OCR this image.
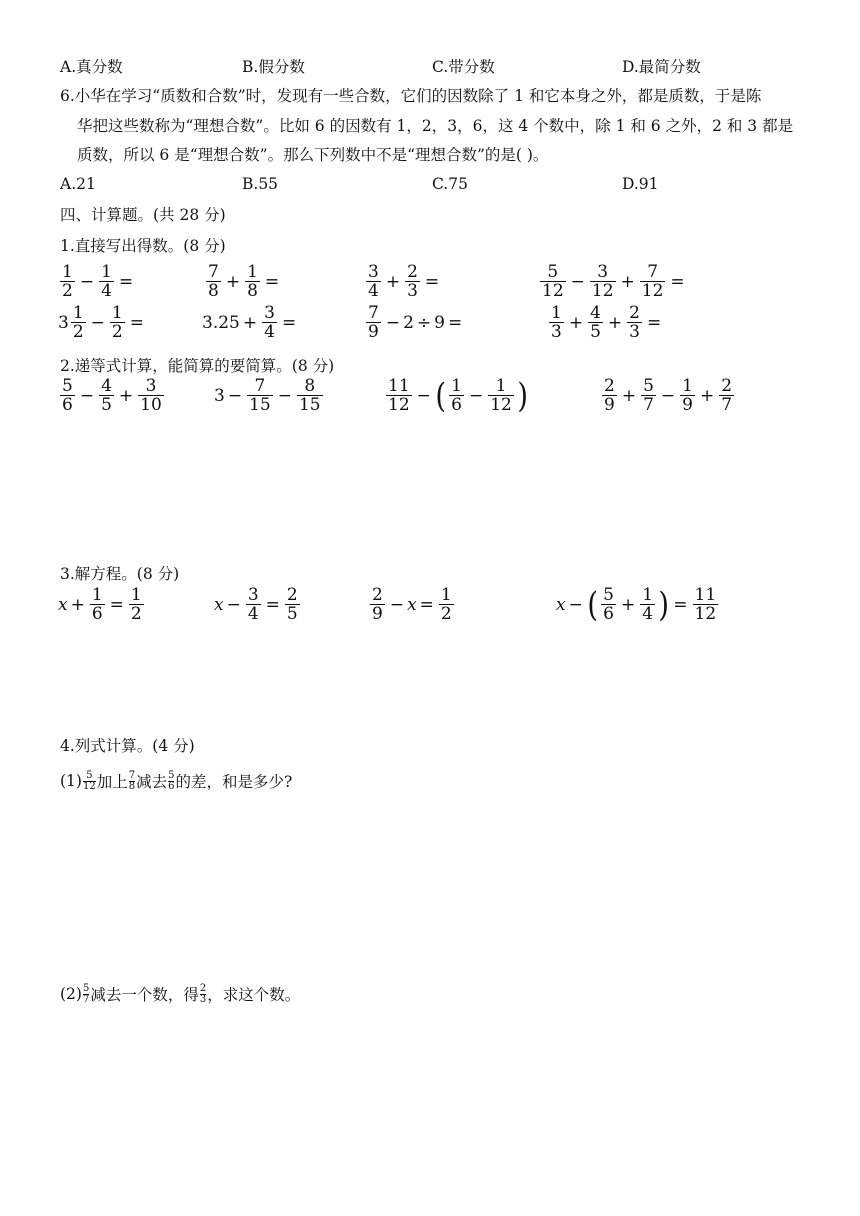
A.真分数	B.假分数	C.带分数	D.最简分数
6.小华在学习“质数和合数”时，发现有一些合数，它们的因数除了 1 和它本身之外，都是质数，于是陈
华把这些数称为“理想合数”。比如 6 的因数有 1，2，3，6，这 4 个数中，除 1 和 6 之外，2 和 3 都是
质数，所以 6 是“理想合数”。那么下列数中不是“理想合数”的是( )。
A.21	B.55	C.75	D.91
四、计算题。(共 28 分)
1.直接写出得数。(8 分)
$\frac{1}{2} - \frac{1}{4}$ =	$\frac{7}{8} + \frac{1}{8}$ =	$\frac{3}{4} + \frac{2}{3}$ =	$\frac{5}{12} - \frac{3}{12} + \frac{7}{12}$ =
$3 \frac{1}{2} - \frac{1}{2}$ =	$3.25 + \frac{3}{4}$ =	$\frac{7}{9} - 2 \div 9$ =	$\frac{1}{3} + \frac{4}{5} + \frac{2}{3}$ =
2.递等式计算，能简算的要简算。(8 分)
$\frac{5}{6} - \frac{4}{5} + \frac{3}{10}$	$3 - \frac{7}{15} - \frac{8}{15}$	$\frac{11}{12}$ − ( $\frac{1}{6} - \frac{1}{12}$ )	$\frac{2}{9} + \frac{5}{7} - \frac{1}{9} + \frac{2}{7}$
3.解方程。(8 分)
$x + \frac{1}{6} = \frac{1}{2}$	$x - \frac{3}{4} = \frac{2}{5}$	$\frac{2}{9} - x = \frac{1}{2}$	x − ( $\frac{5}{6} + \frac{1}{4}$ ) = $\frac{11}{12}$
4.列式计算。(4 分)
(1) 5
12 加上 7
8 减去 5
6 的差，和是多少?
(2) 5
7 减去一个数，得 2
3 ，求这个数。
